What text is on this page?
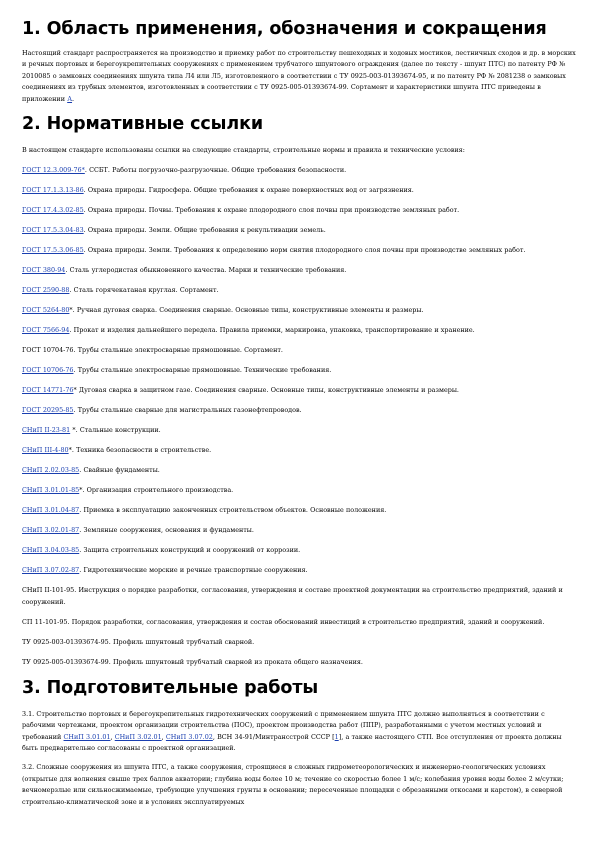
1. Область применения, обозначения и сокращения

Настоящий стандарт распространяется на производство и приемку работ по строительству пешеходных и ходовых мостиков, лестничных сходов и др. в морских и речных портовых и берегоукрепительных сооружениях с применением трубчатого шпунтового ограждения (далее по тексту - шпунт ПТС) по патенту РФ № 2010085 о замковых соединениях шпунта типа Л4 или Л5, изготовленного в соответствии с ТУ 0925-003-01393674-95, и по патенту РФ № 2081238 о замковых соединениях из трубных элементов, изготовленных в соответствии с ТУ 0925-005-01393674-99. Сортамент и характеристики шпунта ПТС приведены в приложении А.

2. Нормативные ссылки

В настоящем стандарте использованы ссылки на следующие стандарты, строительные нормы и правила и технические условия:

ГОСТ 12.3.009-76*. ССБТ. Работы погрузочно-разгрузочные. Общие требования безопасности.

ГОСТ 17.1.3.13-86. Охрана природы. Гидросфера. Общие требования к охране поверхностных вод от загрязнения.

ГОСТ 17.4.3.02-85. Охрана природы. Почвы. Требования к охране плодородного слоя почвы при производстве земляных работ.

ГОСТ 17.5.3.04-83. Охрана природы. Земли. Общие требования к рекультивации земель.

ГОСТ 17.5.3.06-85. Охрана природы. Земли. Требования к определению норм снятия плодородного слоя почвы при производстве земляных работ.

ГОСТ 380-94. Сталь углеродистая обыкновенного качества. Марки и технические требования.

ГОСТ 2590-88. Сталь горячекатаная круглая. Сортамент.

ГОСТ 5264-80*. Ручная дуговая сварка. Соединения сварные. Основные типы, конструктивные элементы и размеры.

ГОСТ 7566-94. Прокат и изделия дальнейшего передела. Правила приемки, маркировка, упаковка, транспортирование и хранение.

ГОСТ 10704-76. Трубы стальные электросварные прямошовные. Сортамент.

ГОСТ 10706-76. Трубы стальные электросварные прямошовные. Технические требования.

ГОСТ 14771-76* Дуговая сварка в защитном газе. Соединения сварные. Основные типы, конструктивные элементы и размеры.

ГОСТ 20295-85. Трубы стальные сварные для магистральных газонефтепроводов.

СНиП II-23-81 *. Стальные конструкции.

СНиП III-4-80*. Техника безопасности в строительстве.

СНиП 2.02.03-85. Свайные фундаменты.

СНиП 3.01.01-85*. Организация строительного производства.

СНиП 3.01.04-87. Приемка в эксплуатацию законченных строительством объектов. Основные положения.

СНиП 3.02.01-87. Земляные сооружения, основания и фундаменты.

СНиП 3.04.03-85. Защита строительных конструкций и сооружений от коррозии.

СНиП 3.07.02-87. Гидротехнические морские и речные транспортные сооружения.

СНиП II-101-95. Инструкция о порядке разработки, согласования, утверждения и составе проектной документации на строительство предприятий, зданий и сооружений.

СП 11-101-95. Порядок разработки, согласования, утверждения и состав обоснований инвестиций в строительство предприятий, зданий и сооружений.

ТУ 0925-003-01393674-95. Профиль шпунтовый трубчатый сварной.

ТУ 0925-005-01393674-99. Профиль шпунтовый трубчатый сварной из проката общего назначения.

3. Подготовительные работы

3.1. Строительство портовых и берегоукрепительных гидротехнических сооружений с применением шпунта ПТС должно выполняться в соответствии с рабочими чертежами, проектом организации строительства (ПОС), проектом производства работ (ППР), разработанными с учетом местных условий и требований СНиП 3.01.01, СНиП 3.02.01, СНиП 3.07.02, ВСН 34-91/Минтрансстрой СССР [1], а также настоящего СТП. Все отступления от проекта должны быть предварительно согласованы с проектной организацией.

3.2. Сложные сооружения из шпунта ПТС, а также сооружения, строящиеся в сложных гидрометеорологических и инженерно-геологических условиях (открытые для волнения свыше трех баллов акватории; глубина воды более 10 м; течение со скоростью более 1 м/с; колебания уровня воды более 2 м/сутки; вечномерзлые или сильносжимаемые, требующие улучшения грунты в основании; пересеченные площадки с обрезанными откосами и карстом), в северной строительно-климатической зоне и в условиях эксплуатируемых
